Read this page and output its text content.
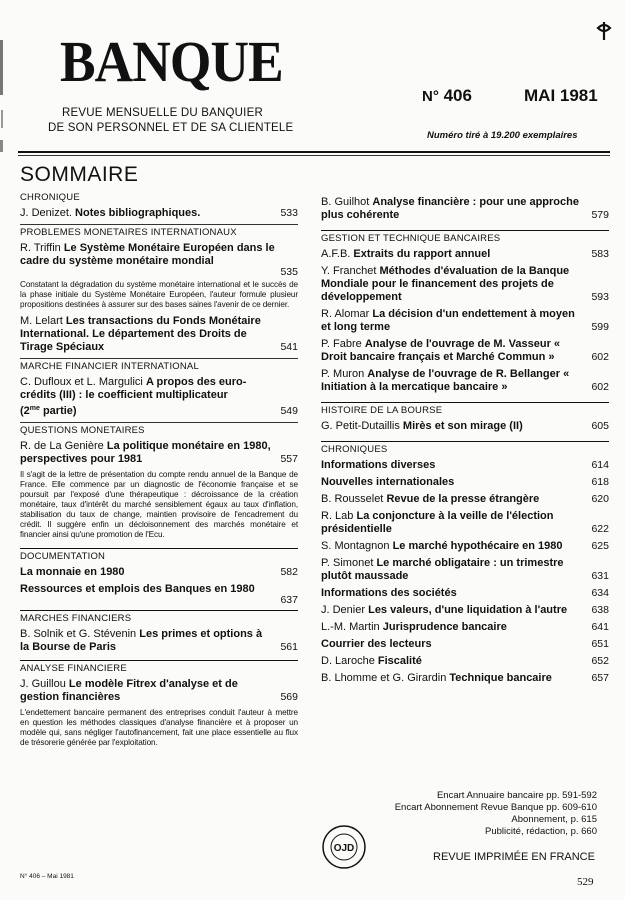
BANQUE
REVUE MENSUELLE DU BANQUIER
DE SON PERSONNEL ET DE SA CLIENTELE
N° 406	MAI 1981
Numéro tiré à 19.200 exemplaires
SOMMAIRE
CHRONIQUE
J. Denizet. Notes bibliographiques.	533
PROBLEMES MONETAIRES INTERNATIONAUX
R. Triffin Le Système Monétaire Européen dans le cadre du système monétaire mondial
535
Constatant la dégradation du système monétaire international et le succès de la phase initiale du Système Monétaire Européen, l'auteur formule plusieur propositions destinées à assurer sur des bases saines l'avenir de ce dernier.
M. Lelart Les transactions du Fonds Monétaire International. Le département des Droits de Tirage Spéciaux	541
MARCHE FINANCIER INTERNATIONAL
C. Dufloux et L. Margulici A propos des euro-crédits (III) : le coefficient multiplicateur
($2^{me}$ partie)	549
QUESTIONS MONETAIRES
R. de La Genière La politique monétaire en 1980, perspectives pour 1981	557
Il s'agit de la lettre de présentation du compte rendu annuel de la Banque de France. Elle commence par un diagnostic de l'économie française et se poursuit par l'exposé d'une thérapeutique : décroissance de la création monétaire, taux d'intérêt du marché sensiblement égaux au taux d'inflation, stabilisation du taux de change, maintien provisoire de l'encadrement du crédit. Il suggère enfin un décloisonnement des marchés monétaire et financier ainsi qu'une promotion de l'Ecu.
DOCUMENTATION
La monnaie en 1980	582
Ressources et emplois des Banques en 1980
637
MARCHES FINANCIERS
B. Solnik et G. Stévenin Les primes et options à la Bourse de Paris	561
ANALYSE FINANCIERE
J. Guillou Le modèle Fitrex d'analyse et de gestion financières	569
L'endettement bancaire permanent des entreprises conduit l'auteur à mettre en question les méthodes classiques d'analyse financière et à proposer un modèle qui, sans négliger l'autofinancement, fait une place essentielle au flux de trésorerie générée par l'exploitation.
B. Guilhot Analyse financière : pour une approche plus cohérente	579
GESTION ET TECHNIQUE BANCAIRES
A.F.B. Extraits du rapport annuel	583
Y. Franchet Méthodes d'évaluation de la Banque Mondiale pour le financement des projets de développement	593
R. Alomar La décision d'un endettement à moyen et long terme	599
P. Fabre Analyse de l'ouvrage de M. Vasseur « Droit bancaire français et Marché Commun »	602
P. Muron Analyse de l'ouvrage de R. Bellanger « Initiation à la mercatique bancaire »	602
HISTOIRE DE LA BOURSE
G. Petit-Dutaillis Mirès et son mirage (II)	605
CHRONIQUES
Informations diverses	614
Nouvelles internationales	618
B. Rousselet Revue de la presse étrangère	620
R. Lab La conjoncture à la veille de l'élection présidentielle	622
S. Montagnon Le marché hypothécaire en 1980	625
P. Simonet Le marché obligataire : un trimestre plutôt maussade	631
Informations des sociétés	634
J. Denier Les valeurs, d'une liquidation à l'autre 638
L.-M. Martin Jurisprudence bancaire	641
Courrier des lecteurs	651
D. Laroche Fiscalité	652
B. Lhomme et G. Girardin Technique bancaire	657
Encart Annuaire bancaire pp. 591-592
Encart Abonnement Revue Banque pp. 609-610
Abonnement, p. 615
Publicité, rédaction, p. 660
REVUE IMPRIMÉE EN FRANCE
OJD
N° 406 – Mai 1981	529
